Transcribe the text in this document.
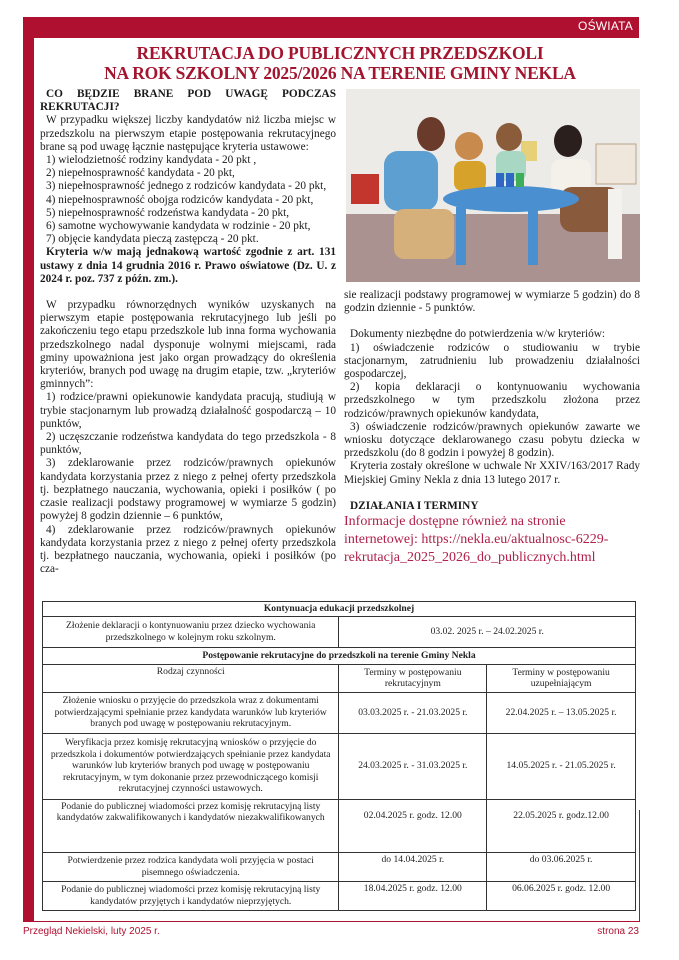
OŚWIATA
REKRUTACJA DO PUBLICZNYCH PRZEDSZKOLI
NA ROK SZKOLNY 2025/2026 NA TERENIE GMINY NEKLA

CO BĘDZIE BRANE POD UWAGĘ PODCZAS REKRUTACJI?

W przypadku większej liczby kandydatów niż liczba miejsc w przedszkolu na pierwszym etapie postępowania rekrutacyjnego brane są pod uwagę łącznie następujące kryteria ustawowe:

1) wielodzietność rodziny kandydata - 20 pkt ,

2) niepełnosprawność kandydata - 20 pkt,

3) niepełnosprawność jednego z rodziców kandydata - 20 pkt,

4) niepełnosprawność obojga rodziców kandydata - 20 pkt,

5) niepełnosprawność rodzeństwa kandydata - 20 pkt,

6) samotne wychowywanie kandydata w rodzinie - 20 pkt,

7) objęcie kandydata pieczą zastępczą - 20 pkt.

Kryteria w/w mają jednakową wartość zgodnie z art. 131 ustawy z dnia 14 grudnia 2016 r. Prawo oświatowe (Dz. U. z 2024 r. poz. 737 z późn. zm.).

W przypadku równorzędnych wyników uzyskanych na pierwszym etapie postępowania rekrutacyjnego lub jeśli po zakończeniu tego etapu przedszkole lub inna forma wychowania przedszkolnego nadal dysponuje wolnymi miejscami, rada gminy upoważniona jest jako organ prowadzący do określenia kryteriów, branych pod uwagę na drugim etapie, tzw. „kryteriów gminnych”:

1) rodzice/prawni opiekunowie kandydata pracują, studiują w trybie stacjonarnym lub prowadzą działalność gospodarczą – 10 punktów,

2) uczęszczanie rodzeństwa kandydata do tego przedszkola - 8 punktów,

3) zdeklarowanie przez rodziców/prawnych opiekunów kandydata korzystania przez z niego z pełnej oferty przedszkola tj. bezpłatnego nauczania, wychowania, opieki i posiłków ( po czasie realizacji podstawy programowej w wymiarze 5 godzin) powyżej 8 godzin dziennie – 6 punktów,

4) zdeklarowanie przez rodziców/prawnych opiekunów kandydata korzystania przez z niego z pełnej oferty przedszkola tj. bezpłatnego nauczania, wychowania, opieki i posiłków (po cza-

sie realizacji podstawy programowej w wymiarze 5 godzin) do 8 godzin dziennie - 5 punktów.

Dokumenty niezbędne do potwierdzenia w/w kryteriów:

1) oświadczenie rodziców o studiowaniu w trybie stacjonarnym, zatrudnieniu lub prowadzeniu działalności gospodarczej,

2) kopia deklaracji o kontynuowaniu wychowania przedszkolnego w tym przedszkolu złożona przez rodziców/prawnych opiekunów kandydata,

3) oświadczenie rodziców/prawnych opiekunów zawarte we wniosku dotyczące deklarowanego czasu pobytu dziecka w przedszkolu (do 8 godzin i powyżej 8 godzin).

Kryteria zostały określone w uchwale Nr XXIV/163/2017 Rady Miejskiej Gminy Nekla z dnia 13 lutego 2017 r.

DZIAŁANIA I TERMINY

Informacje dostępne również na stronie internetowej: https://nekla.eu/aktualnosc-6229-rekrutacja_2025_2026_do_publicznych.html

Kontynuacja edukacji przedszkolnej		
Złożenie deklaracji o kontynuowaniu przez dziecko wychowania przedszkolnego w kolejnym roku szkolnym.	03.02. 2025 r. – 24.02.2025 r.	
Postępowanie rekrutacyjne do przedszkoli na terenie Gminy Nekla		
Rodzaj czynności	Terminy w postępowaniu rekrutacyjnym	Terminy w postępowaniu uzupełniającym
Złożenie wniosku o przyjęcie do przedszkola wraz z dokumentami potwierdzającymi spełnianie przez kandydata warunków lub kryteriów branych pod uwagę w postępowaniu rekrutacyjnym.	03.03.2025 r. - 21.03.2025 r.	22.04.2025 r. – 13.05.2025 r.
Weryfikacja przez komisję rekrutacyjną wniosków o przyjęcie do przedszkola i dokumentów potwierdzających spełnianie przez kandydata warunków lub kryteriów branych pod uwagę w postępowaniu rekrutacyjnym, w tym dokonanie przez przewodniczącego komisji rekrutacyjnej czynności ustawowych.	24.03.2025 r. - 31.03.2025 r.	14.05.2025 r. - 21.05.2025 r.
Podanie do publicznej wiadomości przez komisję rekrutacyjną listy kandydatów zakwalifikowanych i kandydatów niezakwalifikowanych	02.04.2025 r. godz. 12.00	22.05.2025 r. godz.12.00
Potwierdzenie przez rodzica kandydata woli przyjęcia w postaci pisemnego oświadczenia.	do 14.04.2025 r.	do 03.06.2025 r.
Podanie do publicznej wiadomości przez komisję rekrutacyjną listy kandydatów przyjętych i kandydatów nieprzyjętych.	18.04.2025 r. godz. 12.00	06.06.2025 r. godz. 12.00
Przegląd Nekielski, luty 2025 r.	strona 23
